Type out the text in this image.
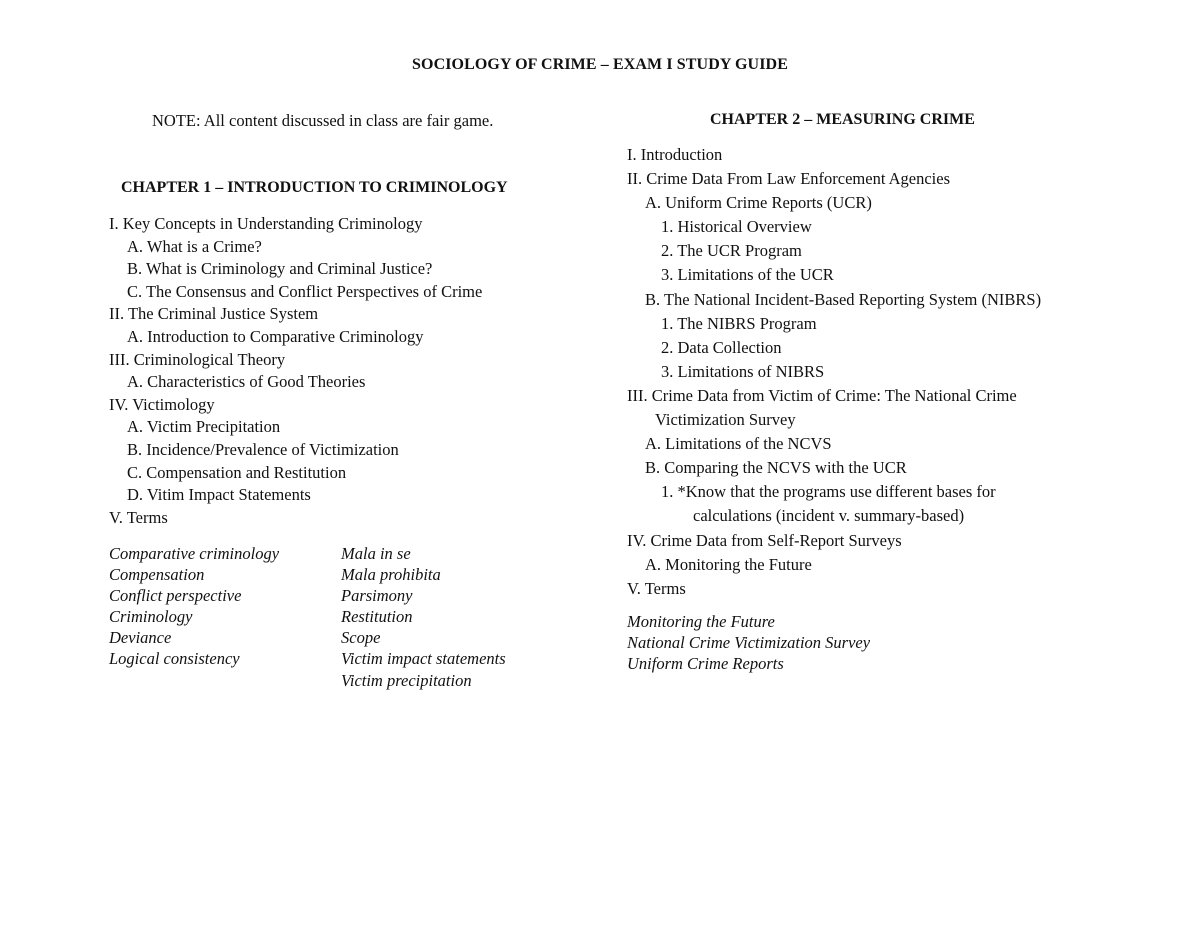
SOCIOLOGY OF CRIME – EXAM I STUDY GUIDE
NOTE: All content discussed in class are fair game.
CHAPTER 1 – INTRODUCTION TO CRIMINOLOGY
I. Key Concepts in Understanding Criminology
A. What is a Crime?
B. What is Criminology and Criminal Justice?
C. The Consensus and Conflict Perspectives of Crime
II. The Criminal Justice System
A. Introduction to Comparative Criminology
III. Criminological Theory
A. Characteristics of Good Theories
IV. Victimology
A. Victim Precipitation
B. Incidence/Prevalence of Victimization
C. Compensation and Restitution
D. Vitim Impact Statements
V. Terms
Comparative criminology
Compensation
Conflict perspective
Criminology
Deviance
Logical consistency
Mala in se
Mala prohibita
Parsimony
Restitution
Scope
Victim impact statements
Victim precipitation
CHAPTER 2 – MEASURING CRIME
I. Introduction
II. Crime Data From Law Enforcement Agencies
A. Uniform Crime Reports (UCR)
1. Historical Overview
2. The UCR Program
3. Limitations of the UCR
B. The National Incident-Based Reporting System (NIBRS)
1. The NIBRS Program
2. Data Collection
3. Limitations of NIBRS
III. Crime Data from Victim of Crime: The National Crime
Victimization Survey
A. Limitations of the NCVS
B. Comparing the NCVS with the UCR
1. *Know that the programs use different bases for
calculations (incident v. summary-based)
IV. Crime Data from Self-Report Surveys
A. Monitoring the Future
V. Terms
Monitoring the Future
National Crime Victimization Survey
Uniform Crime Reports
